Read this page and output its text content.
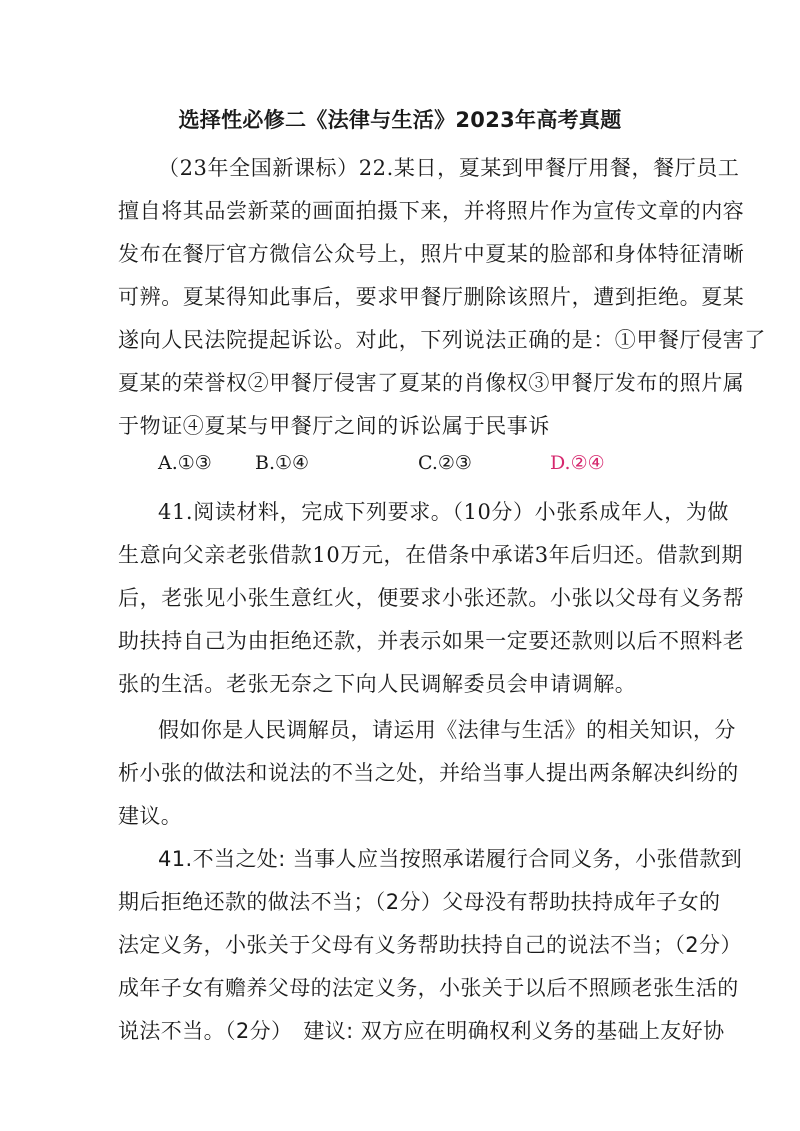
选择性必修二《法律与生活》2023年高考真题
（23年全国新课标）22.某日，夏某到甲餐厅用餐，餐厅员工
擅自将其品尝新菜的画面拍摄下来，并将照片作为宣传文章的内容
发布在餐厅官方微信公众号上，照片中夏某的脸部和身体特征清晰
可辨。夏某得知此事后，要求甲餐厅删除该照片，遭到拒绝。夏某
遂向人民法院提起诉讼。对此，下列说法正确的是：①甲餐厅侵害了
夏某的荣誉权②甲餐厅侵害了夏某的肖像权③甲餐厅发布的照片属
于物证④夏某与甲餐厅之间的诉讼属于民事诉
A.①③ B.①④	C.②③	D.②④
41.阅读材料，完成下列要求。（10分）小张系成年人，为做
生意向父亲老张借款10万元，在借条中承诺3年后归还。借款到期
后，老张见小张生意红火，便要求小张还款。小张以父母有义务帮
助扶持自己为由拒绝还款，并表示如果一定要还款则以后不照料老
张的生活。老张无奈之下向人民调解委员会申请调解。
假如你是人民调解员，请运用《法律与生活》的相关知识，分
析小张的做法和说法的不当之处，并给当事人提出两条解决纠纷的
建议。
41.不当之处: 当事人应当按照承诺履行合同义务，小张借款到
期后拒绝还款的做法不当；（2分）父母没有帮助扶持成年子女的
法定义务，小张关于父母有义务帮助扶持自己的说法不当；（2分）
成年子女有赡养父母的法定义务，小张关于以后不照顾老张生活的
说法不当。（2分）　建议: 双方应在明确权利义务的基础上友好协
